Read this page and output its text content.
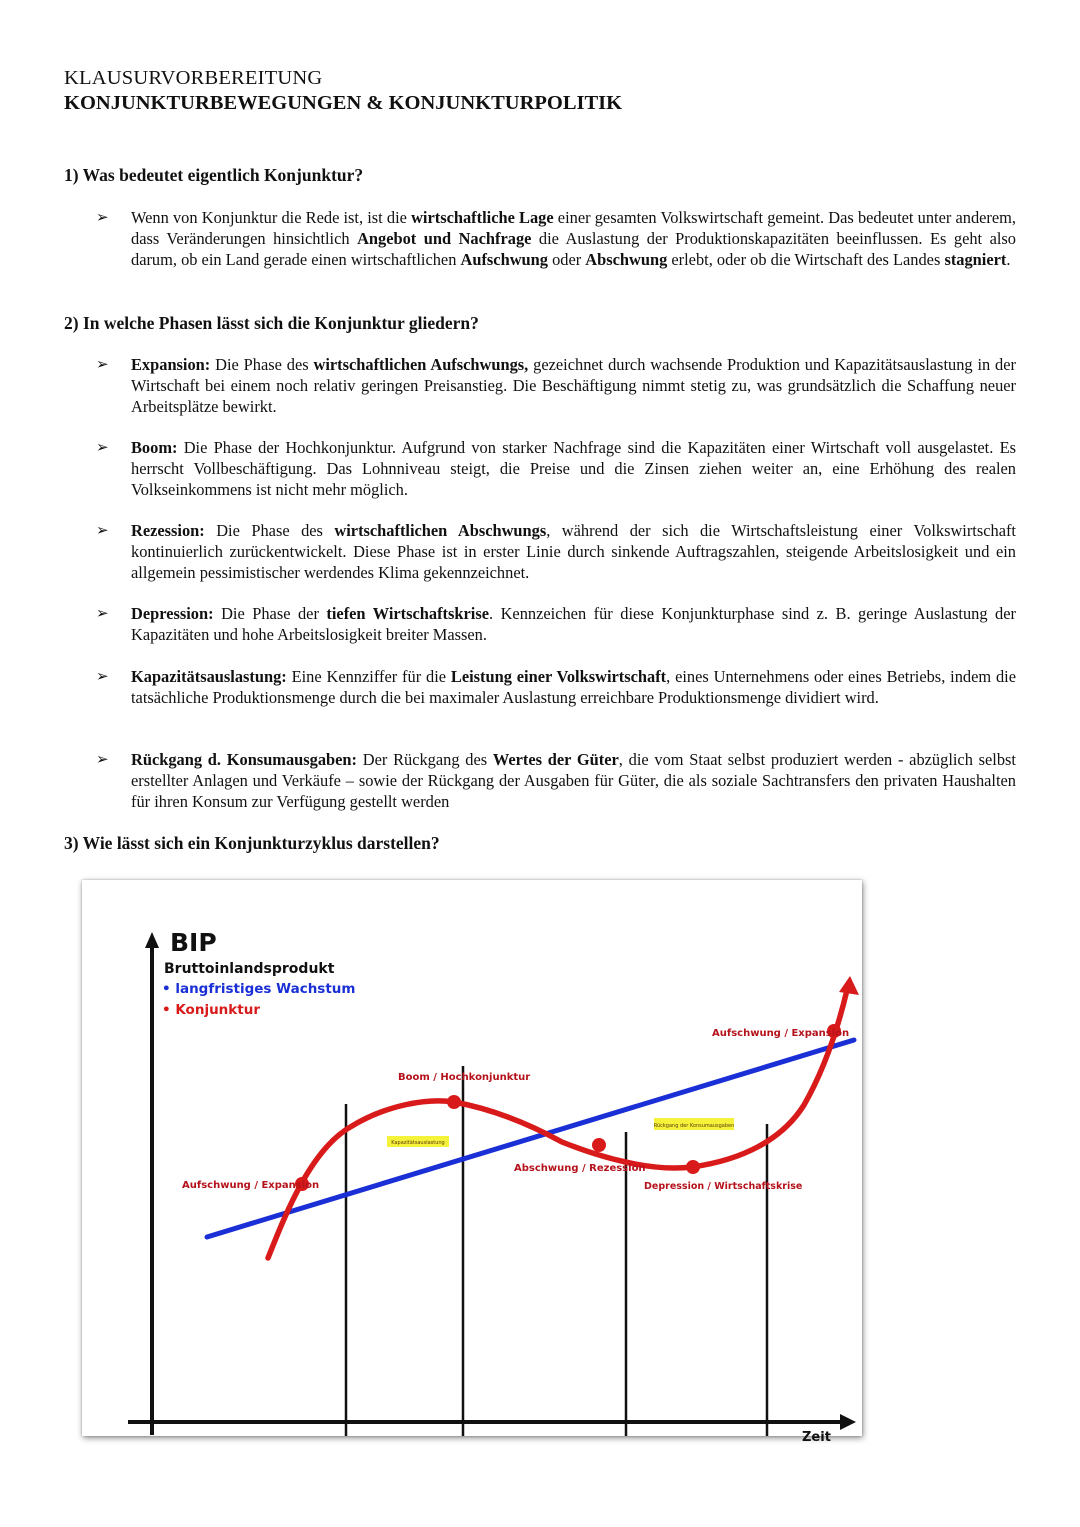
KLAUSURVORBEREITUNG
KONJUNKTURBEWEGUNGEN & KONJUNKTURPOLITIK
1) Was bedeutet eigentlich Konjunktur?
➢	Wenn von Konjunktur die Rede ist, ist die wirtschaftliche Lage einer gesamten Volkswirtschaft gemeint. Das bedeutet unter anderem, dass Veränderungen hinsichtlich Angebot und Nachfrage die Auslastung der Produktionskapazitäten beeinflussen. Es geht also darum, ob ein Land gerade einen wirtschaftlichen Aufschwung oder Abschwung erlebt, oder ob die Wirtschaft des Landes stagniert.
2) In welche Phasen lässt sich die Konjunktur gliedern?
➢	Expansion: Die Phase des wirtschaftlichen Aufschwungs, gezeichnet durch wachsende Produktion und Kapazitätsauslastung in der Wirtschaft bei einem noch relativ geringen Preisanstieg. Die Beschäftigung nimmt stetig zu, was grundsätzlich die Schaffung neuer Arbeitsplätze bewirkt.
➢	Boom: Die Phase der Hochkonjunktur. Aufgrund von starker Nachfrage sind die Kapazitäten einer Wirtschaft voll ausgelastet. Es herrscht Vollbeschäftigung. Das Lohnniveau steigt, die Preise und die Zinsen ziehen weiter an, eine Erhöhung des realen Volkseinkommens ist nicht mehr möglich.
➢	Rezession: Die Phase des wirtschaftlichen Abschwungs, während der sich die Wirtschaftsleistung einer Volkswirtschaft kontinuierlich zurückentwickelt. Diese Phase ist in erster Linie durch sinkende Auftragszahlen, steigende Arbeitslosigkeit und ein allgemein pessimistischer werdendes Klima gekennzeichnet.
➢	Depression: Die Phase der tiefen Wirtschaftskrise. Kennzeichen für diese Konjunkturphase sind z. B. geringe Auslastung der Kapazitäten und hohe Arbeitslosigkeit breiter Massen.
➢	Kapazitätsauslastung: Eine Kennziffer für die Leistung einer Volkswirtschaft, eines Unternehmens oder eines Betriebs, indem die tatsächliche Produktionsmenge durch die bei maximaler Auslastung erreichbare Produktionsmenge dividiert wird.
➢	Rückgang d. Konsumausgaben: Der Rückgang des Wertes der Güter, die vom Staat selbst produziert werden - abzüglich selbst erstellter Anlagen und Verkäufe – sowie der Rückgang der Ausgaben für Güter, die als soziale Sachtransfers den privaten Haushalten für ihren Konsum zur Verfügung gestellt werden
3) Wie lässt sich ein Konjunkturzyklus darstellen?
Kapazitätsauslastung
Rückgang der Konsumausgaben
Aufschwung / Expansion
Boom / Hochkonjunktur
Abschwung / Rezession
Depression / Wirtschaftskrise
Aufschwung / Expansion
BIP
Bruttoinlandsprodukt
• langfristiges Wachstum
• Konjunktur
Zeit
